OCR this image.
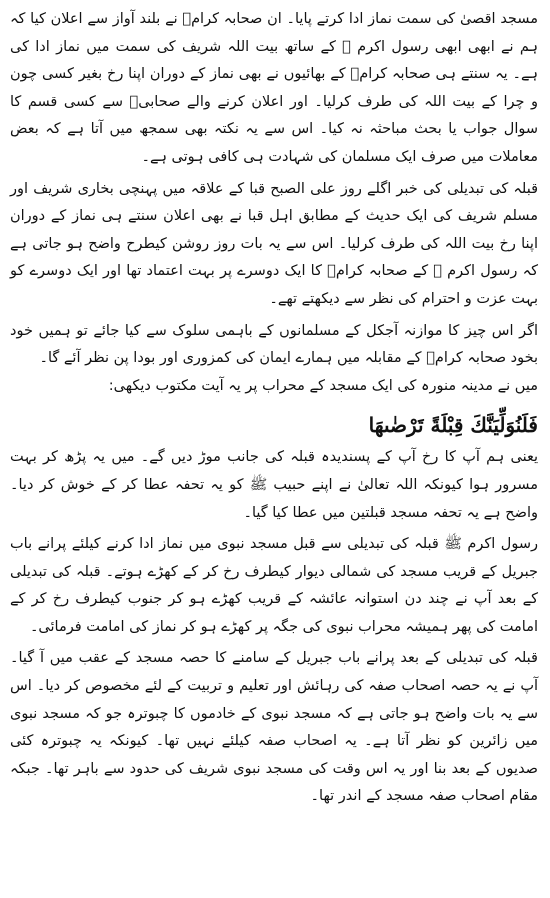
مسجد اقصیٰ کی سمت نماز ادا کرتے پایا۔ ان صحابہ کرامؓ نے بلند آواز سے اعلان کیا کہ ہم نے ابھی ابھی رسول اکرم ﷺ کے ساتھ بیت اللہ شریف کی سمت میں نماز ادا کی ہے۔ یہ سنتے ہی صحابہ کرامؓ کے بھائیوں نے بھی نماز کے دوران اپنا رخ بغیر کسی چون و چرا کے بیت اللہ کی طرف کرلیا۔ اور اعلان کرنے والے صحابیؓ سے کسی قسم کا سوال جواب یا بحث مباحثہ نہ کیا۔ اس سے یہ نکتہ بھی سمجھ میں آتا ہے کہ بعض معاملات میں صرف ایک مسلمان کی شہادت ہی کافی ہوتی ہے۔

قبلہ کی تبدیلی کی خبر اگلے روز علی الصبح قبا کے علاقہ میں پہنچی بخاری شریف اور مسلم شریف کی ایک حدیث کے مطابق اہل قبا نے بھی اعلان سنتے ہی نماز کے دوران اپنا رخ بیت اللہ کی طرف کرلیا۔ اس سے یہ بات روز روشن کیطرح واضح ہو جاتی ہے کہ رسول اکرم ﷺ کے صحابہ کرامؓ کا ایک دوسرے پر بہت اعتماد تھا اور ایک دوسرے کو بہت عزت و احترام کی نظر سے دیکھتے تھے۔

اگر اس چیز کا موازنہ آجکل کے مسلمانوں کے باہمی سلوک سے کیا جائے تو ہمیں خود بخود صحابہ کرامؓ کے مقابلہ میں ہمارے ایمان کی کمزوری اور بودا پن نظر آئے گا۔

میں نے مدینہ منورہ کی ایک مسجد کے محراب پر یہ آیت مکتوب دیکھی:

فَلَنُوَلِّيَنَّكَ قِبْلَةً تَرْضٰىهَا

یعنی ہم آپ کا رخ آپ کے پسندیدہ قبلہ کی جانب موڑ دیں گے۔ میں یہ پڑھ کر بہت مسرور ہوا کیونکہ اللہ تعالیٰ نے اپنے حبیب ﷺ کو یہ تحفہ عطا کر کے خوش کر دیا۔ واضح ہے یہ تحفہ مسجد قبلتین میں عطا کیا گیا۔

رسول اکرم ﷺ قبلہ کی تبدیلی سے قبل مسجد نبوی میں نماز ادا کرنے کیلئے پرانے باب جبریل کے قریب مسجد کی شمالی دیوار کیطرف رخ کر کے کھڑے ہوتے۔ قبلہ کی تبدیلی کے بعد آپ نے چند دن استوانہ عائشہ کے قریب کھڑے ہو کر جنوب کیطرف رخ کر کے امامت کی پھر ہمیشہ محراب نبوی کی جگہ پر کھڑے ہو کر نماز کی امامت فرمائی۔

قبلہ کی تبدیلی کے بعد پرانے باب جبریل کے سامنے کا حصہ مسجد کے عقب میں آ گیا۔ آپ نے یہ حصہ اصحاب صفہ کی رہائش اور تعلیم و تربیت کے لئے مخصوص کر دیا۔ اس سے یہ بات واضح ہو جاتی ہے کہ مسجد نبوی کے خادموں کا چبوترہ جو کہ مسجد نبوی میں زائرین کو نظر آتا ہے۔ یہ اصحاب صفہ کیلئے نہیں تھا۔ کیونکہ یہ چبوترہ کئی صدیوں کے بعد بنا اور یہ اس وقت کی مسجد نبوی شریف کی حدود سے باہر تھا۔ جبکہ مقام اصحاب صفہ مسجد کے اندر تھا۔
